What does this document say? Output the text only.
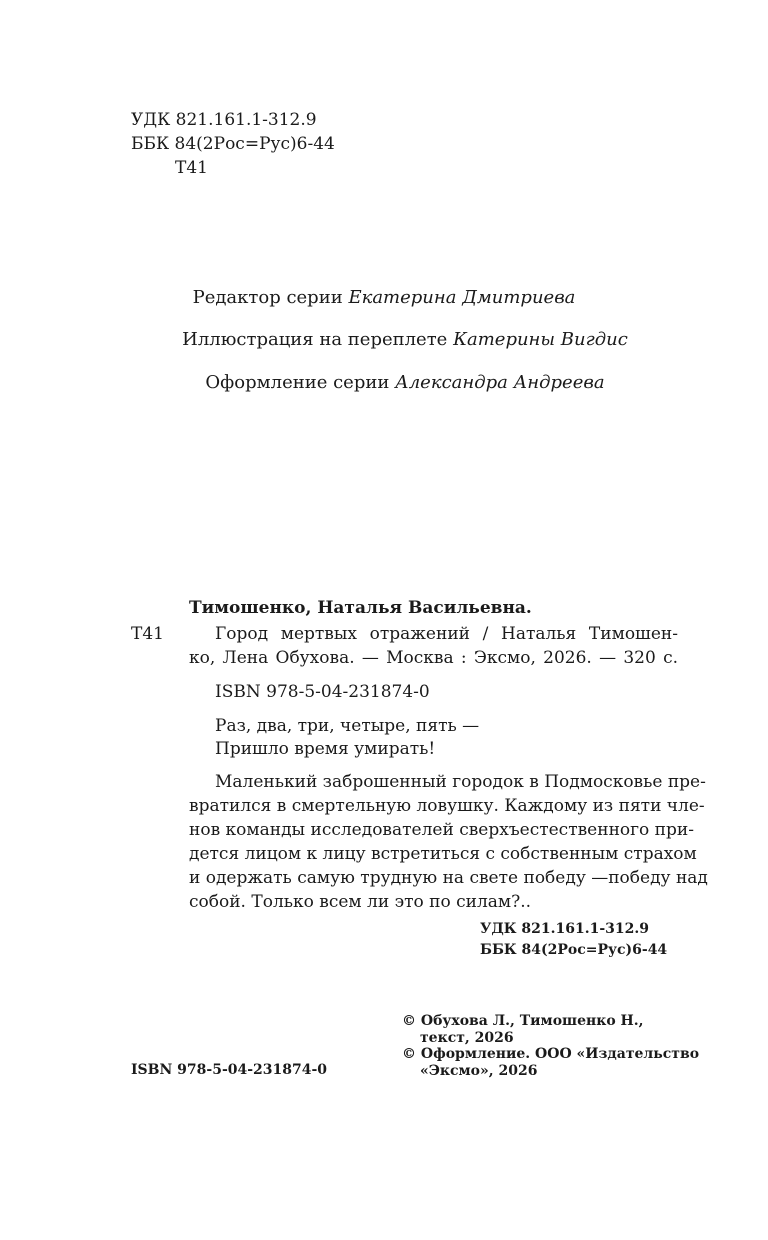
УДК 821.161.1-312.9
ББК 84(2Рос=Рус)6-44
Т41
Редактор серии Екатерина Дмитриева
Иллюстрация на переплете Катерины Вигдис
Оформление серии Александра Андреева
Тимошенко, Наталья Васильевна.
Т41	Город мертвых отражений / Наталья Тимошен-
ко, Лена Обухова. — Москва : Эксмо, 2026. — 320 с.
ISBN 978-5-04-231874-0
Раз, два, три, четыре, пять —
Пришло время умирать!
Маленький заброшенный городок в Подмосковье пре-
вратился в смертельную ловушку. Каждому из пяти чле-
нов команды исследователей сверхъестественного при-
дется лицом к лицу встретиться с собственным страхом
и одержать самую трудную на свете победу —победу над
собой. Только всем ли это по силам?..
УДК 821.161.1-312.9
ББК 84(2Рос=Рус)6-44
ISBN 978-5-04-231874-0
© Обухова Л., Тимошенко Н.,
текст, 2026
© Оформление. ООО «Издательство
«Эксмо», 2026
